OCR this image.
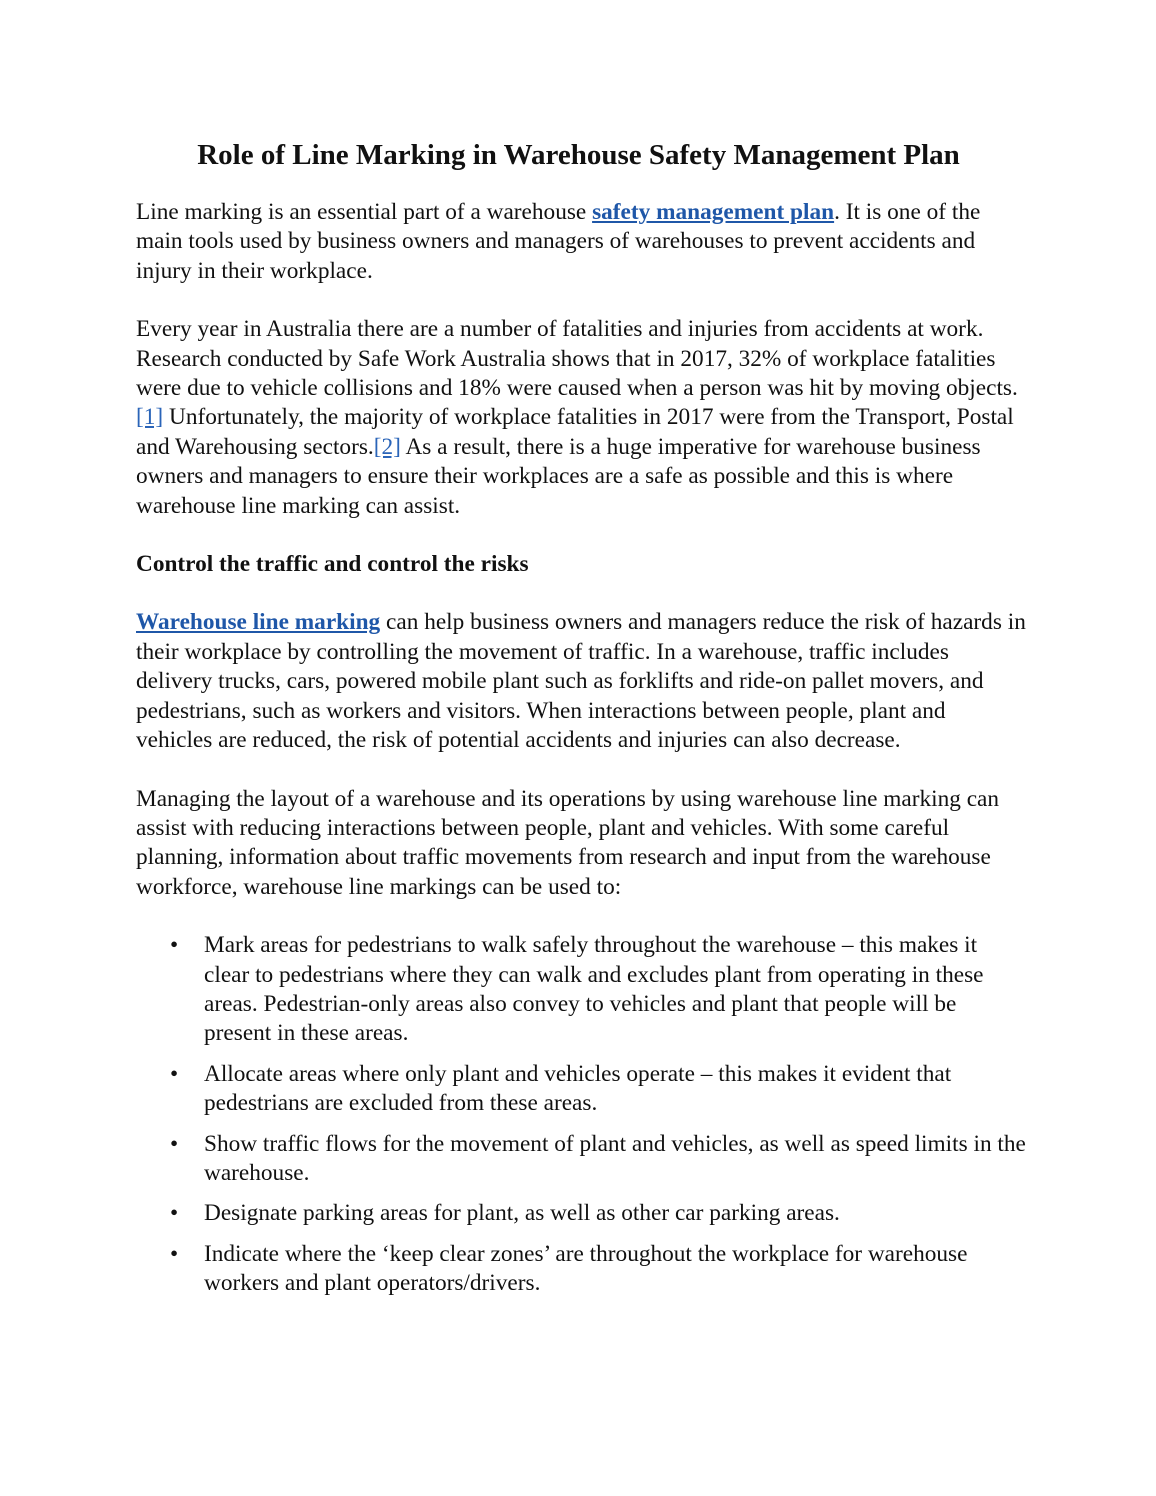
Role of Line Marking in Warehouse Safety Management Plan

Line marking is an essential part of a warehouse safety management plan. It is one of the main tools used by business owners and managers of warehouses to prevent accidents and injury in their workplace.

Every year in Australia there are a number of fatalities and injuries from accidents at work. Research conducted by Safe Work Australia shows that in 2017, 32% of workplace fatalities were due to vehicle collisions and 18% were caused when a person was hit by moving objects.[1] Unfortunately, the majority of workplace fatalities in 2017 were from the Transport, Postal and Warehousing sectors.[2] As a result, there is a huge imperative for warehouse business owners and managers to ensure their workplaces are a safe as possible and this is where warehouse line marking can assist.

Control the traffic and control the risks

Warehouse line marking can help business owners and managers reduce the risk of hazards in their workplace by controlling the movement of traffic. In a warehouse, traffic includes delivery trucks, cars, powered mobile plant such as forklifts and ride-on pallet movers, and pedestrians, such as workers and visitors. When interactions between people, plant and vehicles are reduced, the risk of potential accidents and injuries can also decrease.

Managing the layout of a warehouse and its operations by using warehouse line marking can assist with reducing interactions between people, plant and vehicles. With some careful planning, information about traffic movements from research and input from the warehouse workforce, warehouse line markings can be used to:

• Mark areas for pedestrians to walk safely throughout the warehouse – this makes it clear to pedestrians where they can walk and excludes plant from operating in these areas. Pedestrian-only areas also convey to vehicles and plant that people will be present in these areas.
• Allocate areas where only plant and vehicles operate – this makes it evident that pedestrians are excluded from these areas.
• Show traffic flows for the movement of plant and vehicles, as well as speed limits in the warehouse.
• Designate parking areas for plant, as well as other car parking areas.
• Indicate where the ‘keep clear zones’ are throughout the workplace for warehouse workers and plant operators/drivers.
